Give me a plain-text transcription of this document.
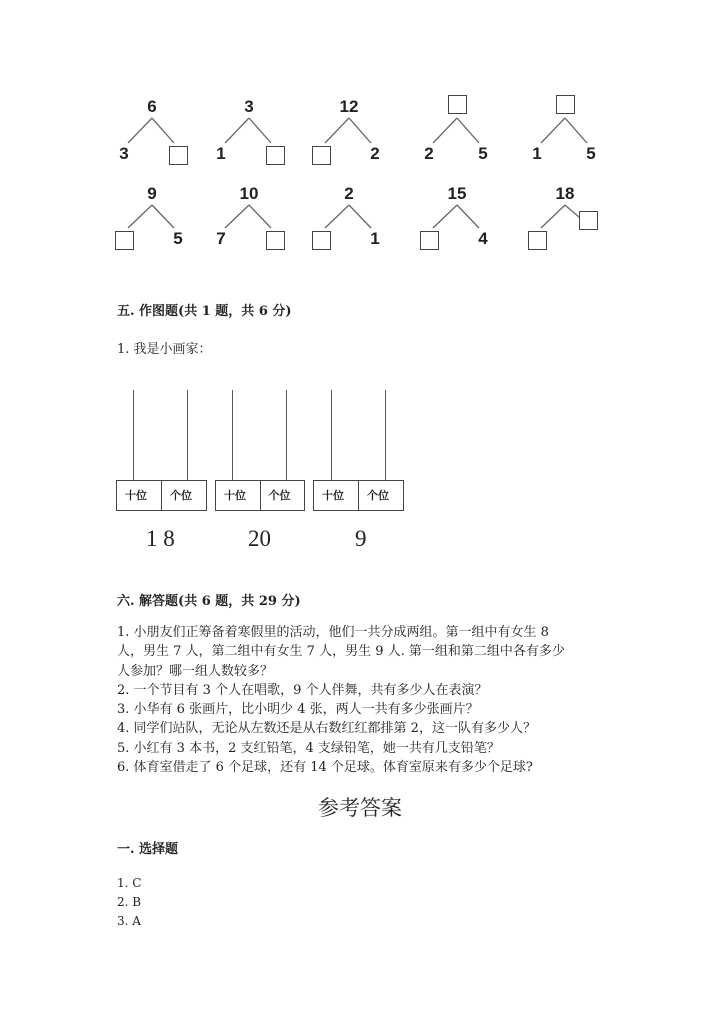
6
3
3
1
12
2	2	5	1	5
9
5
10
7
2
1
15
4
18
五. 作图题(共 1 题，共 6 分)
1. 我是小画家：
十位	个位
1 8
十位	个位
20
十位	个位
9
六. 解答题(共 6 题，共 29 分)
1. 小朋友们正筹备着寒假里的活动，他们一共分成两组。第一组中有女生 8
人，男生 7 人，第二组中有女生 7 人，男生 9 人. 第一组和第二组中各有多少
人参加？哪一组人数较多？
2. 一个节目有 3 个人在唱歌，9 个人伴舞，共有多少人在表演？
3. 小华有 6 张画片，比小明少 4 张，两人一共有多少张画片？
4. 同学们站队，无论从左数还是从右数红红都排第 2，这一队有多少人？
5. 小红有 3 本书，2 支红铅笔，4 支绿铅笔，她一共有几支铅笔？
6. 体育室借走了 6 个足球，还有 14 个足球。体育室原来有多少个足球?
参考答案
一. 选择题
1. C
2. B
3. A
